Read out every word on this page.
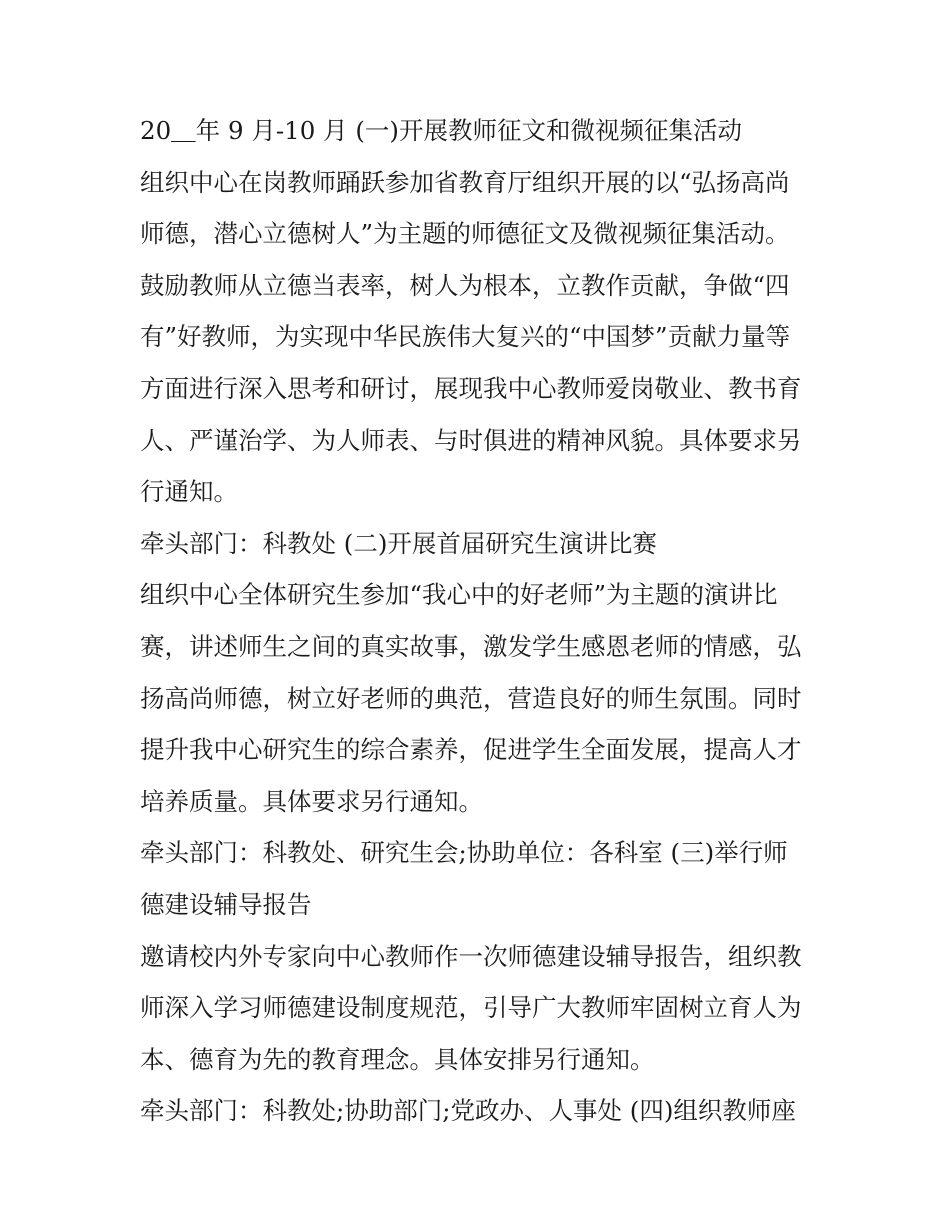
20＿年 9 月-10 月 (一)开展教师征文和微视频征集活动
组织中心在岗教师踊跃参加省教育厅组织开展的以“弘扬高尚
师德，潜心立德树人”为主题的师德征文及微视频征集活动。
鼓励教师从立德当表率，树人为根本，立教作贡献，争做“四
有”好教师，为实现中华民族伟大复兴的“中国梦”贡献力量等
方面进行深入思考和研讨，展现我中心教师爱岗敬业、教书育
人、严谨治学、为人师表、与时俱进的精神风貌。具体要求另
行通知。
牵头部门：科教处 (二)开展首届研究生演讲比赛
组织中心全体研究生参加“我心中的好老师”为主题的演讲比
赛，讲述师生之间的真实故事，激发学生感恩老师的情感，弘
扬高尚师德，树立好老师的典范，营造良好的师生氛围。同时
提升我中心研究生的综合素养，促进学生全面发展，提高人才
培养质量。具体要求另行通知。
牵头部门：科教处、研究生会;协助单位：各科室 (三)举行师
德建设辅导报告
邀请校内外专家向中心教师作一次师德建设辅导报告，组织教
师深入学习师德建设制度规范，引导广大教师牢固树立育人为
本、德育为先的教育理念。具体安排另行通知。
牵头部门：科教处;协助部门;党政办、人事处 (四)组织教师座
